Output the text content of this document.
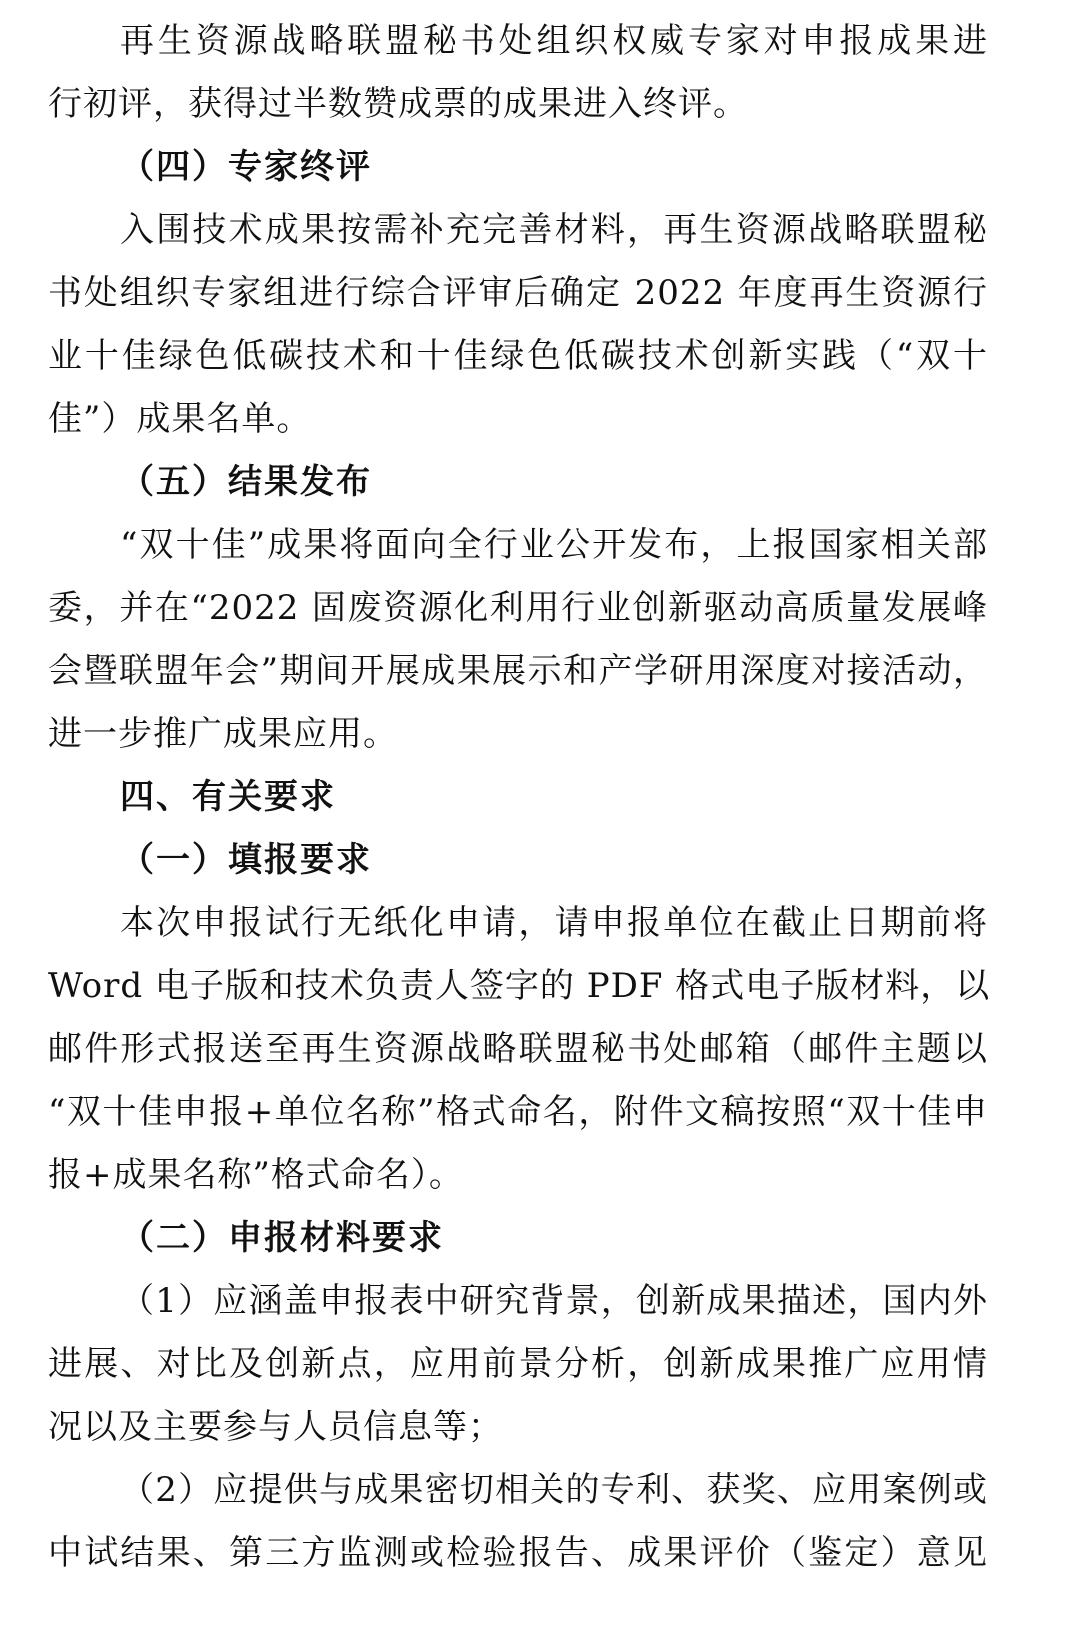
再生资源战略联盟秘书处组织权威专家对申报成果进
行初评，获得过半数赞成票的成果进入终评。
（四）专家终评
入围技术成果按需补充完善材料，再生资源战略联盟秘
书处组织专家组进行综合评审后确定 2022 年度再生资源行
业十佳绿色低碳技术和十佳绿色低碳技术创新实践（“双十
佳”）成果名单。
（五）结果发布
“双十佳”成果将面向全行业公开发布，上报国家相关部
委，并在“2022 固废资源化利用行业创新驱动高质量发展峰
会暨联盟年会”期间开展成果展示和产学研用深度对接活动，
进一步推广成果应用。
四、有关要求
（一）填报要求
本次申报试行无纸化申请，请申报单位在截止日期前将
Word 电子版和技术负责人签字的 PDF 格式电子版材料，以
邮件形式报送至再生资源战略联盟秘书处邮箱（邮件主题以
“双十佳申报+单位名称”格式命名，附件文稿按照“双十佳申
报+成果名称”格式命名）。
（二）申报材料要求
（1）应涵盖申报表中研究背景，创新成果描述，国内外
进展、对比及创新点，应用前景分析，创新成果推广应用情
况以及主要参与人员信息等；
（2）应提供与成果密切相关的专利、获奖、应用案例或
中试结果、第三方监测或检验报告、成果评价（鉴定）意见
